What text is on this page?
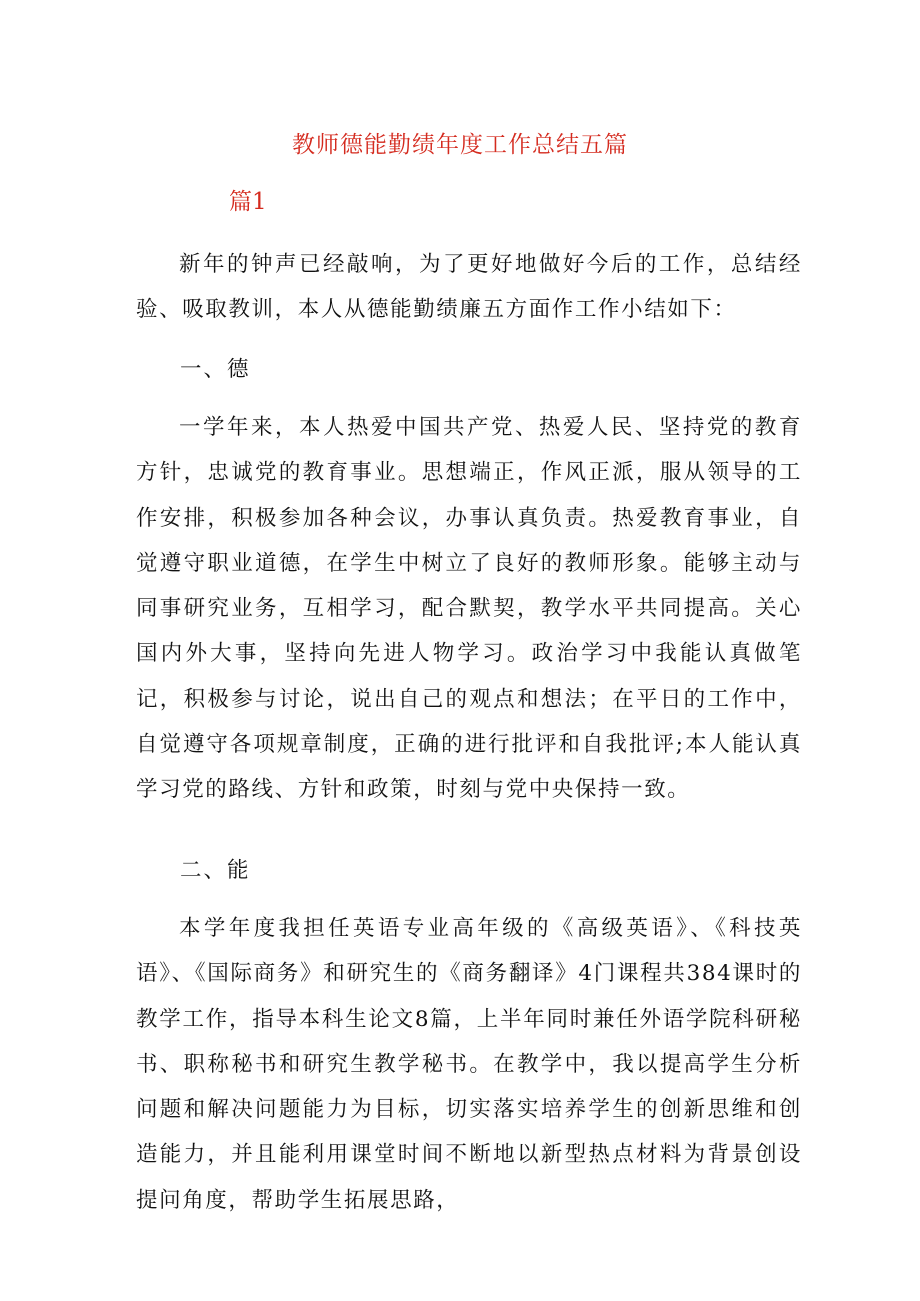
教师德能勤绩年度工作总结五篇
篇1

新年的钟声已经敲响，为了更好地做好今后的工作，总结经验、吸取教训，本人从德能勤绩廉五方面作工作小结如下：

一、德

一学年来，本人热爱中国共产党、热爱人民、坚持党的教育方针，忠诚党的教育事业。思想端正，作风正派，服从领导的工作安排，积极参加各种会议，办事认真负责。热爱教育事业，自觉遵守职业道德，在学生中树立了良好的教师形象。能够主动与同事研究业务，互相学习，配合默契，教学水平共同提高。关心国内外大事，坚持向先进人物学习。政治学习中我能认真做笔记，积极参与讨论，说出自己的观点和想法；在平日的工作中，自觉遵守各项规章制度，正确的进行批评和自我批评;本人能认真学习党的路线、方针和政策，时刻与党中央保持一致。

二、能

本学年度我担任英语专业高年级的《高级英语》、《科技英语》、《国际商务》和研究生的《商务翻译》4门课程共384课时的教学工作，指导本科生论文8篇，上半年同时兼任外语学院科研秘书、职称秘书和研究生教学秘书。在教学中，我以提高学生分析问题和解决问题能力为目标，切实落实培养学生的创新思维和创造能力，并且能利用课堂时间不断地以新型热点材料为背景创设提问角度，帮助学生拓展思路，
